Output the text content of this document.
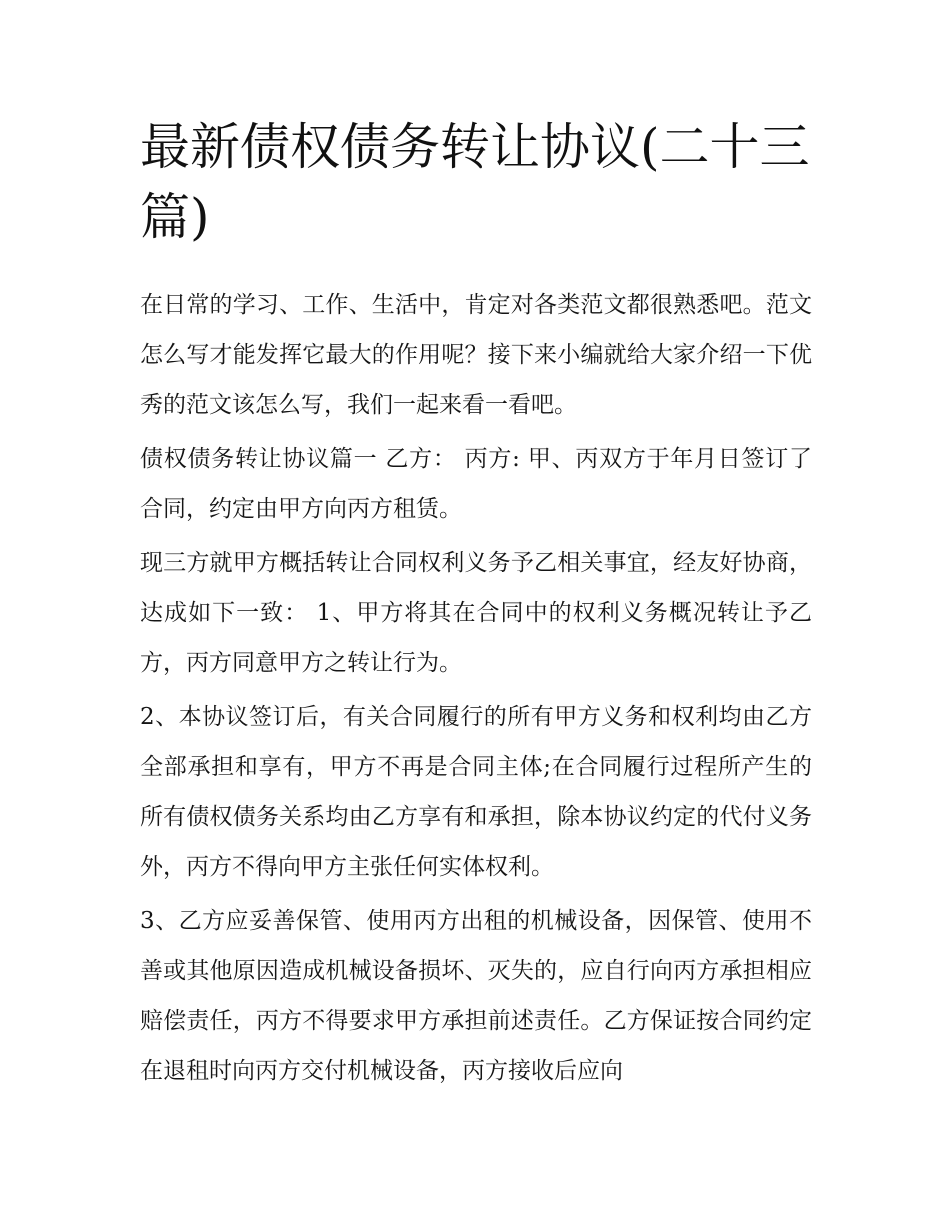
最新债权债务转让协议(二十三篇)

在日常的学习、工作、生活中，肯定对各类范文都很熟悉吧。范文怎么写才能发挥它最大的作用呢？接下来小编就给大家介绍一下优秀的范文该怎么写，我们一起来看一看吧。

债权债务转让协议篇一 乙方： 丙方: 甲、丙双方于年月日签订了合同，约定由甲方向丙方租赁。

现三方就甲方概括转让合同权利义务予乙相关事宜，经友好协商，达成如下一致： 1、甲方将其在合同中的权利义务概况转让予乙方，丙方同意甲方之转让行为。

2、本协议签订后，有关合同履行的所有甲方义务和权利均由乙方全部承担和享有，甲方不再是合同主体;在合同履行过程所产生的所有债权债务关系均由乙方享有和承担，除本协议约定的代付义务外，丙方不得向甲方主张任何实体权利。

3、乙方应妥善保管、使用丙方出租的机械设备，因保管、使用不善或其他原因造成机械设备损坏、灭失的，应自行向丙方承担相应赔偿责任，丙方不得要求甲方承担前述责任。乙方保证按合同约定在退租时向丙方交付机械设备，丙方接收后应向
